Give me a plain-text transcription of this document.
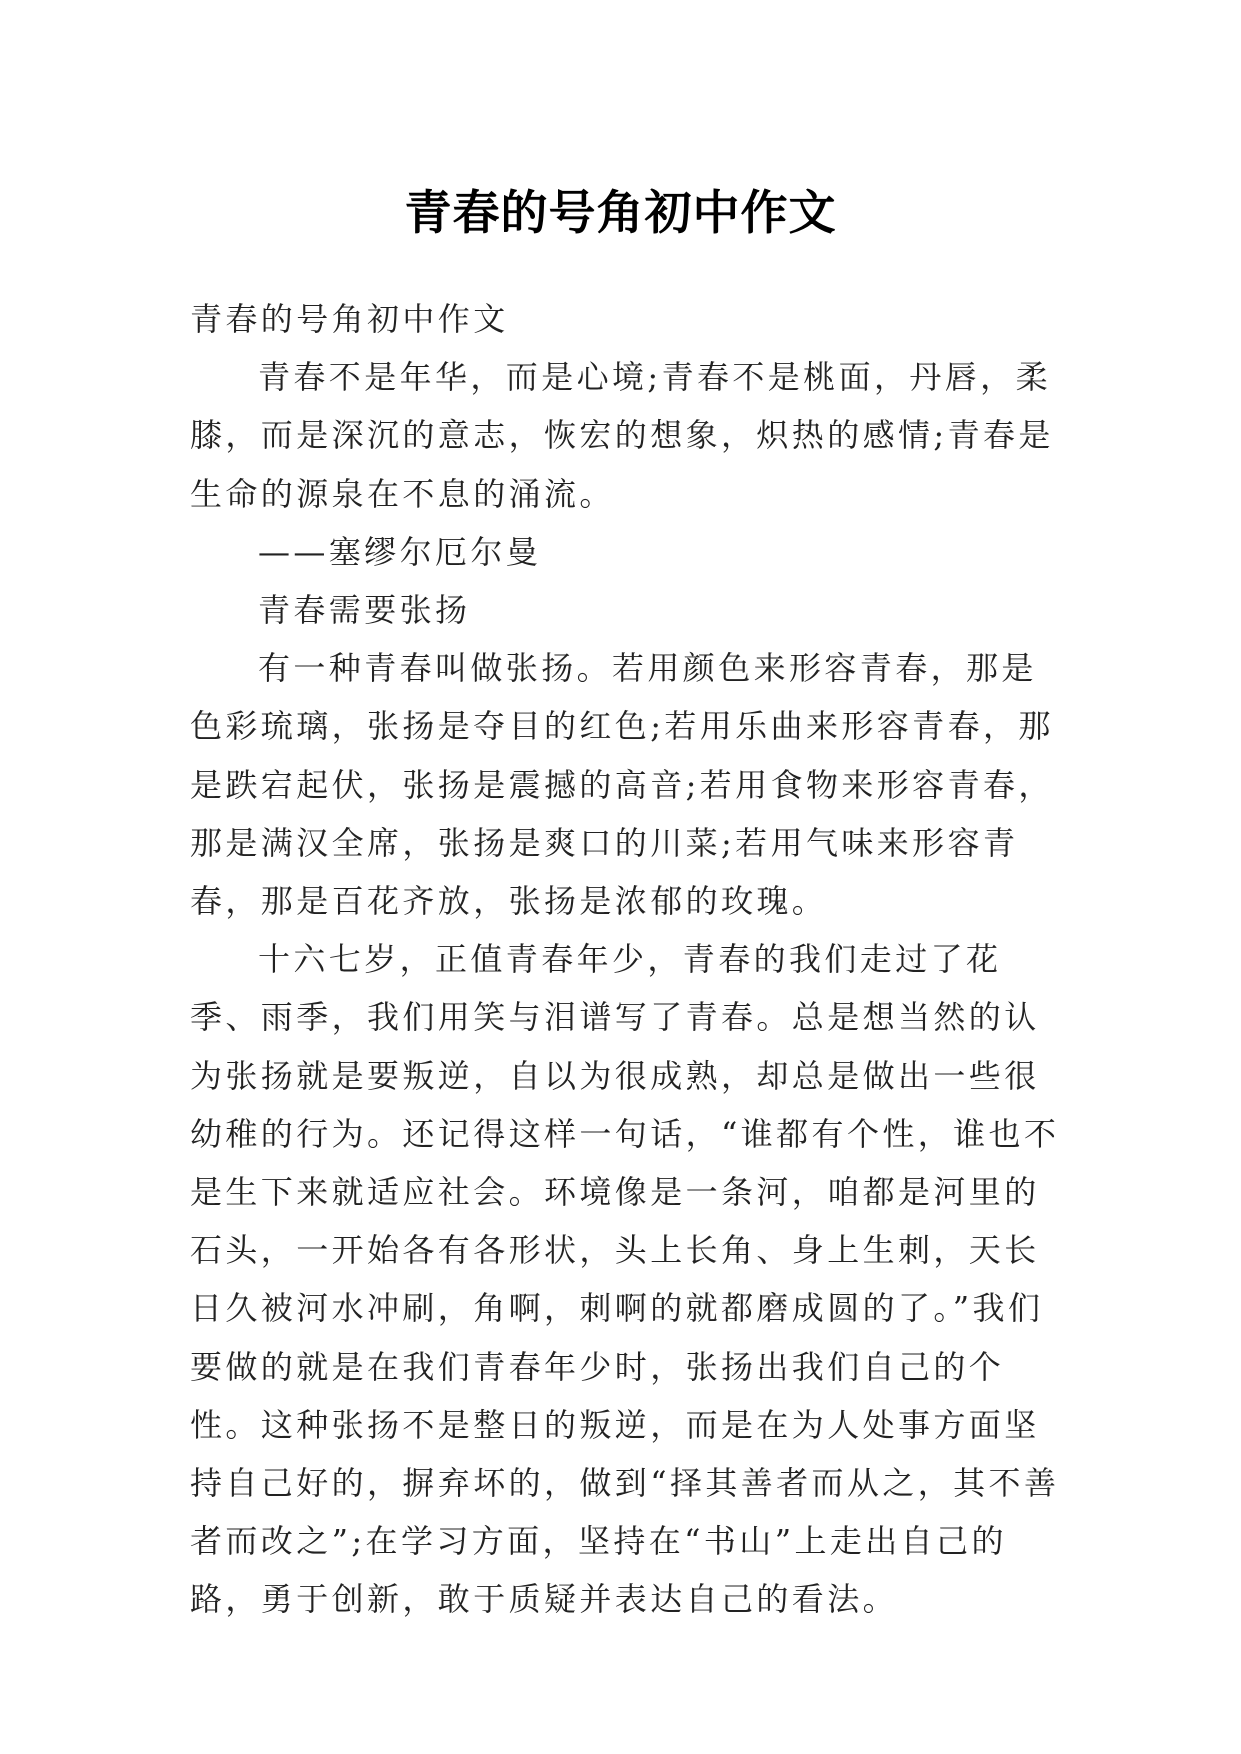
青春的号角初中作文

青春的号角初中作文

青春不是年华，而是心境;青春不是桃面，丹唇，柔膝，而是深沉的意志，恢宏的想象，炽热的感情;青春是生命的源泉在不息的涌流。

——塞缪尔厄尔曼

青春需要张扬

有一种青春叫做张扬。若用颜色来形容青春，那是色彩琉璃，张扬是夺目的红色;若用乐曲来形容青春，那是跌宕起伏，张扬是震撼的高音;若用食物来形容青春，那是满汉全席，张扬是爽口的川菜;若用气味来形容青春，那是百花齐放，张扬是浓郁的玫瑰。

十六七岁，正值青春年少，青春的我们走过了花季、雨季，我们用笑与泪谱写了青春。总是想当然的认为张扬就是要叛逆，自以为很成熟，却总是做出一些很幼稚的行为。还记得这样一句话，“谁都有个性，谁也不是生下来就适应社会。环境像是一条河，咱都是河里的石头，一开始各有各形状，头上长角、身上生刺，天长日久被河水冲刷，角啊，刺啊的就都磨成圆的了。”我们要做的就是在我们青春年少时，张扬出我们自己的个性。这种张扬不是整日的叛逆，而是在为人处事方面坚持自己好的，摒弃坏的，做到“择其善者而从之，其不善者而改之”;在学习方面，坚持在“书山”上走出自己的路，勇于创新，敢于质疑并表达自己的看法。
